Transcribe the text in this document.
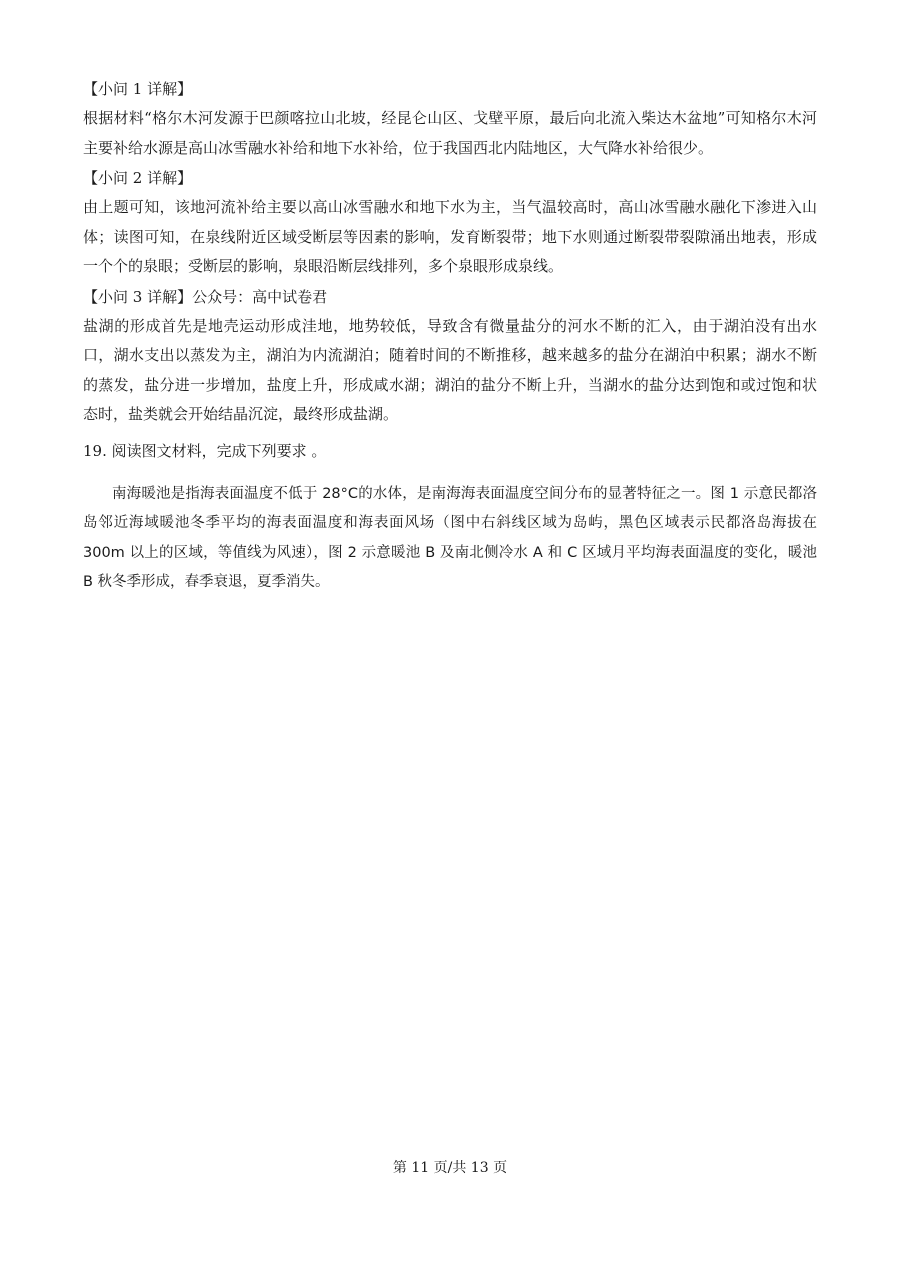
【小问 1 详解】

根据材料“格尔木河发源于巴颜喀拉山北坡，经昆仑山区、戈壁平原，最后向北流入柴达木盆地”可知格尔木河主要补给水源是高山冰雪融水补给和地下水补给，位于我国西北内陆地区，大气降水补给很少。

【小问 2 详解】

由上题可知，该地河流补给主要以高山冰雪融水和地下水为主，当气温较高时，高山冰雪融水融化下渗进入山体；读图可知，在泉线附近区域受断层等因素的影响，发育断裂带；地下水则通过断裂带裂隙涌出地表，形成一个个的泉眼；受断层的影响，泉眼沿断层线排列，多个泉眼形成泉线。

【小问 3 详解】公众号：高中试卷君

盐湖的形成首先是地壳运动形成洼地，地势较低，导致含有微量盐分的河水不断的汇入，由于湖泊没有出水口，湖水支出以蒸发为主，湖泊为内流湖泊；随着时间的不断推移，越来越多的盐分在湖泊中积累；湖水不断的蒸发，盐分进一步增加，盐度上升，形成咸水湖；湖泊的盐分不断上升，当湖水的盐分达到饱和或过饱和状态时，盐类就会开始结晶沉淀，最终形成盐湖。

19. 阅读图文材料，完成下列要求 。

南海暖池是指海表面温度不低于 28°C的水体，是南海海表面温度空间分布的显著特征之一。图 1 示意民都洛岛邻近海域暖池冬季平均的海表面温度和海表面风场（图中右斜线区域为岛屿，黑色区域表示民都洛岛海拔在 300m 以上的区域，等值线为风速），图 2 示意暖池 B 及南北侧冷水 A 和 C 区域月平均海表面温度的变化，暖池 B 秋冬季形成，春季衰退，夏季消失。

第 11 页/共 13 页
